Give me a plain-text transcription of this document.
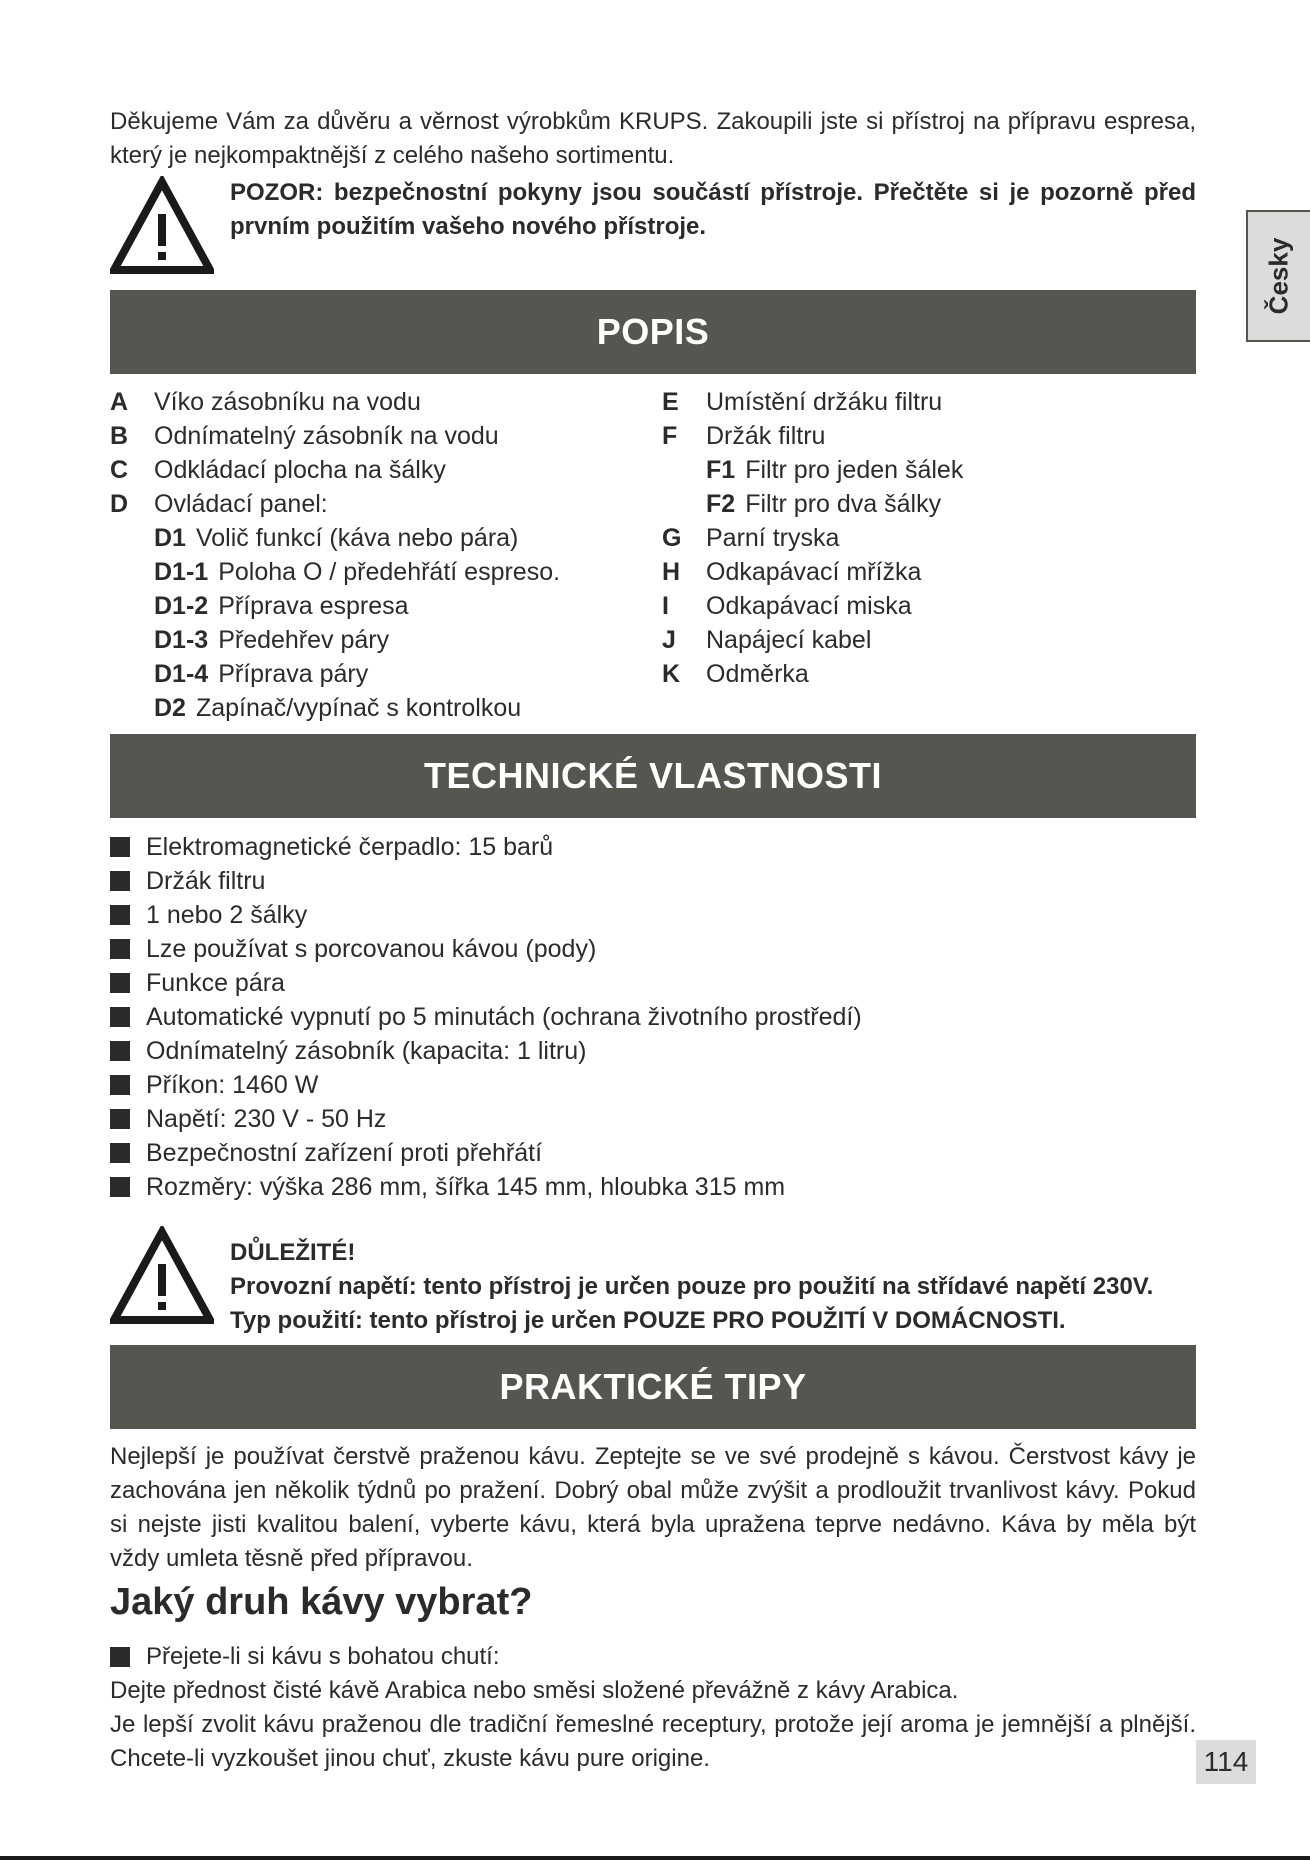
Děkujeme Vám za důvěru a věrnost výrobkům KRUPS. Zakoupili jste si přístroj na přípravu espresa, který je nejkompaktnější z celého našeho sortimentu.
POZOR: bezpečnostní pokyny jsou součástí přístroje. Přečtěte si je pozorně před prvním použitím vašeho nového přístroje.
Česky
POPIS
A	Víko zásobníku na vodu
B	Odnímatelný zásobník na vodu
C	Odkládací plocha na šálky
D	Ovládací panel:
D1 Volič funkcí (káva nebo pára)
D1-1 Poloha O / předehřátí espreso.
D1-2 Příprava espresa
D1-3 Předehřev páry
D1-4 Příprava páry
D2 Zapínač/vypínač s kontrolkou
E	Umístění držáku filtru
F	Držák filtru
F1 Filtr pro jeden šálek
F2 Filtr pro dva šálky
G Parní tryska
H	Odkapávací mřížka
I	Odkapávací miska
J	Napájecí kabel
K	Odměrka
TECHNICKÉ VLASTNOSTI
Elektromagnetické čerpadlo: 15 barů
Držák filtru
1 nebo 2 šálky
Lze používat s porcovanou kávou (pody)
Funkce pára
Automatické vypnutí po 5 minutách (ochrana životního prostředí)
Odnímatelný zásobník (kapacita: 1 litru)
Příkon: 1460 W
Napětí: 230 V - 50 Hz
Bezpečnostní zařízení proti přehřátí
Rozměry: výška 286 mm, šířka 145 mm, hloubka 315 mm
DŮLEŽITÉ!
Provozní napětí: tento přístroj je určen pouze pro použití na střídavé napětí 230V.
Typ použití: tento přístroj je určen POUZE PRO POUŽITÍ V DOMÁCNOSTI.
PRAKTICKÉ TIPY
Nejlepší je používat čerstvě praženou kávu. Zeptejte se ve své prodejně s kávou. Čerstvost kávy je zachována jen několik týdnů po pražení. Dobrý obal může zvýšit a prodloužit trvanlivost kávy. Pokud si nejste jisti kvalitou balení, vyberte kávu, která byla upražena teprve nedávno. Káva by měla být vždy umleta těsně před přípravou.
Jaký druh kávy vybrat?
Přejete-li si kávu s bohatou chutí:
Dejte přednost čisté kávě Arabica nebo směsi složené převážně z kávy Arabica.
Je lepší zvolit kávu praženou dle tradiční řemeslné receptury, protože její aroma je jemnější a plnější. Chcete-li vyzkoušet jinou chuť, zkuste kávu pure origine.	114
